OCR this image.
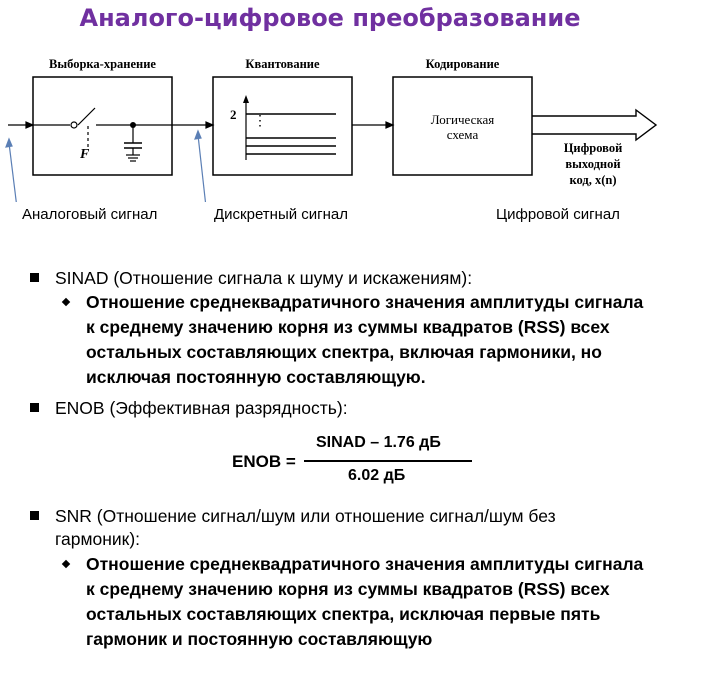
Аналого-цифровое преобразование
Выборка-хранение	Квантование	Кодирование
F
2 ⋮	Логическая
схема
Цифровой
выходной
код, x(n)
Аналоговый сигнал	Дискретный сигнал	Цифровой сигнал
SINAD (Отношение сигнала к шуму и искажениям):
Отношение среднеквадратичного значения амплитуды сигнала
к среднему значению корня из суммы квадратов (RSS) всех
остальных составляющих спектра, включая гармоники, но
исключая постоянную составляющую.
ENOB (Эффективная разрядность):
ENOB =
SINAD – 1.76 дБ
6.02 дБ
SNR (Отношение сигнал/шум или отношение сигнал/шум без
гармоник):
Отношение среднеквадратичного значения амплитуды сигнала
к среднему значению корня из суммы квадратов (RSS) всех
остальных составляющих спектра, исключая первые пять
гармоник и постоянную составляющую
